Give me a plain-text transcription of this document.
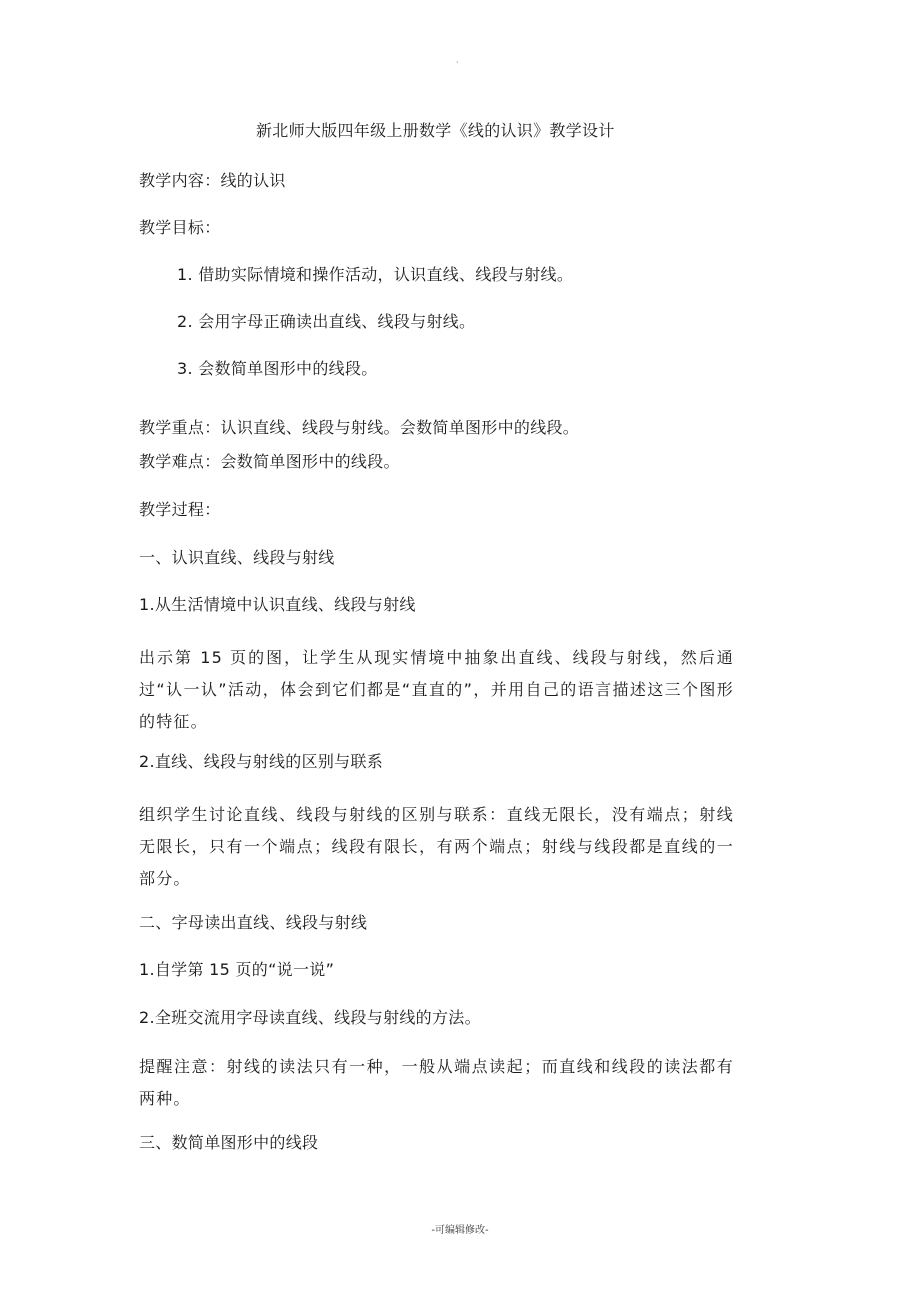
·
新北师大版四年级上册数学《线的认识》教学设计
教学内容：线的认识
教学目标：
1. 借助实际情境和操作活动，认识直线、线段与射线。
2. 会用字母正确读出直线、线段与射线。
3. 会数简单图形中的线段。
教学重点：认识直线、线段与射线。会数简单图形中的线段。
教学难点：会数简单图形中的线段。
教学过程：
一、认识直线、线段与射线
1.从生活情境中认识直线、线段与射线
出示第 15 页的图，让学生从现实情境中抽象出直线、线段与射线，然后通过“认一认”活动，体会到它们都是“直直的”，并用自己的语言描述这三个图形的特征。
2.直线、线段与射线的区别与联系
组织学生讨论直线、线段与射线的区别与联系：直线无限长，没有端点；射线无限长，只有一个端点；线段有限长，有两个端点；射线与线段都是直线的一部分。
二、字母读出直线、线段与射线
1.自学第 15 页的“说一说”
2.全班交流用字母读直线、线段与射线的方法。
提醒注意：射线的读法只有一种，一般从端点读起；而直线和线段的读法都有两种。
三、数简单图形中的线段
-可编辑修改-
